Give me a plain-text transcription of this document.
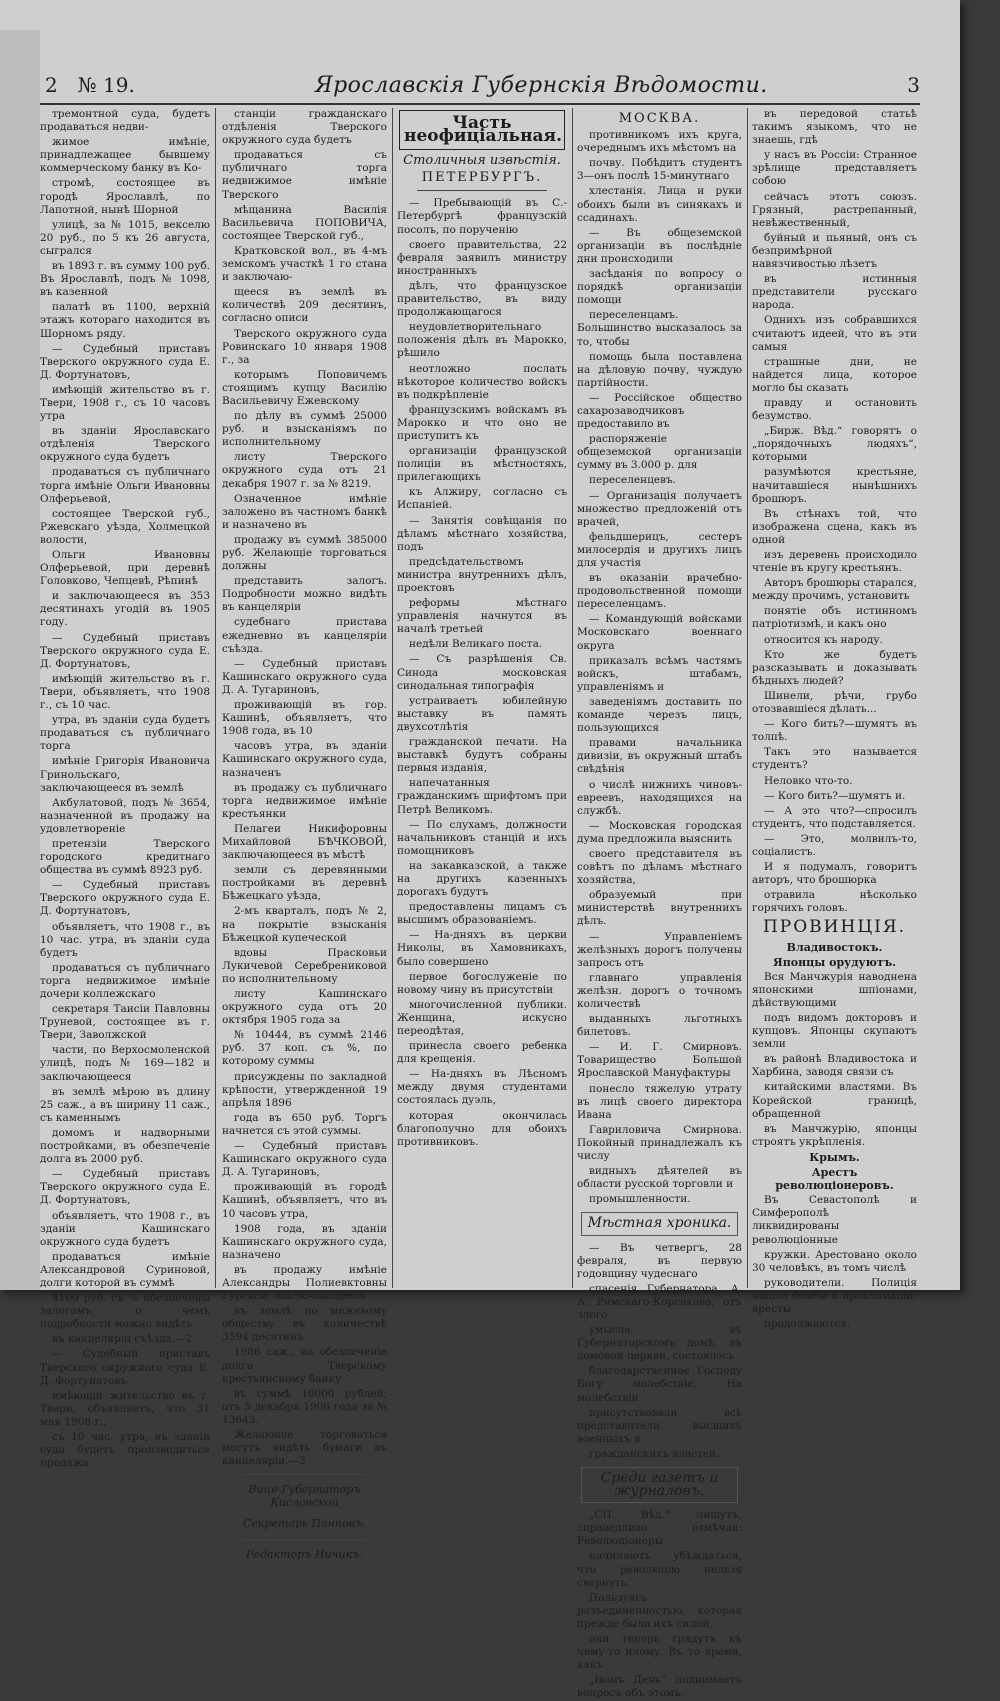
2 № 19.	Ярославскія Губернскія Вѣдомости.	3

тремонтной суда, будетъ продаваться недви-

жимое имѣніе, принадлежащее бывшему коммерческому банку въ Ко-

стромѣ, состоящее въ городѣ Ярославлѣ, по Лапотной, нынѣ Шорной

улицѣ, за № 1015, векселю 20 руб., по 5 къ 26 августа, сыгрался

въ 1893 г. въ сумму 100 руб. Въ Ярославлѣ, подъ № 1098, въ казенной

палатѣ въ 1100, верхній этажъ котораго находится въ Шорномъ ряду.

— Судебный приставъ Тверского окружного суда Е. Д. Фортунатовъ,

имѣющій жительство въ г. Твери, 1908 г., съ 10 часовъ утра

въ зданіи Ярославскаго отдѣленія Тверского окружного суда будетъ

продаваться съ публичнаго торга имѣніе Ольги Ивановны Олферьевой,

состоящее Тверской губ., Ржевскаго уѣзда, Холмецкой волости,

Ольги Ивановны Олферьевой, при деревнѣ Головково, Чепцевѣ, Рѣпинѣ

и заключающееся въ 353 десятинахъ угодій въ 1905 году.

— Судебный приставъ Тверского окружного суда Е. Д. Фортунатовъ,

имѣющій жительство въ г. Твери, объявляетъ, что 1908 г., съ 10 час.

утра, въ зданіи суда будетъ продаваться съ публичнаго торга

имѣніе Григорія Ивановича Гринольскаго, заключающееся въ землѣ

Акбулатовой, подъ № 3654, назначенной въ продажу на удовлетвореніе

претензіи Тверского городского кредитнаго общества въ суммѣ 8923 руб.

— Судебный приставъ Тверского окружного суда Е. Д. Фортунатовъ,

объявляетъ, что 1908 г., въ 10 час. утра, въ зданіи суда будетъ

продаваться съ публичнаго торга недвижимое имѣніе дочери коллежскаго

секретаря Таисіи Павловны Труневой, состоящее въ г. Твери, Заволжской

части, по Верхосмоленской улицѣ, подъ № 169—182 и заключающееся

въ землѣ мѣрою въ длину 25 саж., а въ ширину 11 саж., съ каменнымъ

домомъ и надворными постройками, въ обезпеченіе долга въ 2000 руб.

— Судебный приставъ Тверского окружного суда Е. Д. Фортунатовъ,

объявляетъ, что 1908 г., въ зданіи Кашинскаго окружного суда будетъ

продаваться имѣніе Александровой Суриновой, долги которой въ суммѣ

4100 руб. съ % обезпечены залогомъ, о чемъ подробности можно видѣть

въ канцеляріи съѣзда.—2

— Судебный приставъ Тверского окружного суда Е. Д. Фортунатовъ,

имѣющій жительство въ г. Твери, объявляетъ, что 31 мая 1908 г.,

съ 10 час. утра, въ зданіи суда будетъ производиться продажа.

станціи гражданскаго отдѣленія Тверского окружного суда будетъ

продаваться съ публичнаго торга недвижимое имѣніе Тверского

мѣщанина Василія Васильевича ПОПОВИЧА, состоящее Тверской губ.,

Кратковской вол., въ 4-мъ земскомъ участкѣ 1 го стана и заключаю-

щееся въ землѣ въ количествѣ 209 десятинъ, согласно описи

Тверского окружного суда Ровинскаго 10 января 1908 г., за

которымъ Поповичемъ стоящимъ купцу Василію Васильевичу Ежевскому

по дѣлу въ суммѣ 25000 руб. и взысканіямъ по исполнительному

листу Тверского окружного суда отъ 21 декабря 1907 г. за № 8219.

Означенное имѣніе заложено въ частномъ банкѣ и назначено въ

продажу въ суммѣ 385000 руб. Желающіе торговаться должны

представить залогъ. Подробности можно видѣть въ канцеляріи

судебнаго пристава ежедневно въ канцеляріи съѣзда.

— Судебный приставъ Кашинскаго окружного суда Д. А. Тугариновъ,

проживающій въ гор. Кашинѣ, объявляетъ, что 1908 года, въ 10

часовъ утра, въ зданіи Кашинскаго окружного суда, назначенъ

въ продажу съ публичнаго торга недвижимое имѣніе крестьянки

Пелагеи Никифоровны Михайловой БѢЧКОВОЙ, заключающееся въ мѣстѣ

земли съ деревянными постройками въ деревнѣ Бѣжецкаго уѣзда,

2-мъ кварталъ, подъ № 2, на покрытіе взысканія Бѣжецкой купеческой

вдовы Прасковьи Лукичевой Серебрениковой по исполнительному

листу Кашинскаго окружного суда отъ 20 октября 1905 года за

№ 10444, въ суммѣ 2146 руб. 37 коп. съ %, по которому суммы

присуждены по закладной крѣпости, утвержденной 19 апрѣля 1896

года въ 650 руб. Торгъ начнется съ этой суммы.

— Судебный приставъ Кашинскаго окружного суда Д. А. Тугариновъ,

проживающій въ городѣ Кашинѣ, объявляетъ, что въ 10 часовъ утра,

1908 года, въ зданіи Кашинскаго окружного суда, назначено

въ продажу имѣніе Александры Полиевктовны Гурской, заключающееся

въ землѣ по межевому обществу въ количествѣ 3594 десятинъ

1986 саж., на обезпеченіе долга Тверскому крестьянскому банку

въ суммѣ 10000 рублей, отъ 5 декабря 1906 года за № 13643.

Желающіе торговаться могутъ видѣть бумаги въ канцеляріи.—3

Вице-Губернаторъ Кисловской
Секретарь Панновъ.
Редакторъ Ничикъ.
Часть неофиціальная.
Столичныя извѣстія.
ПЕТЕРБУРГЪ.

— Пребывающій въ С.-Петербургѣ французскій посолъ, по порученію

своего правительства, 22 февраля заявилъ министру иностранныхъ

дѣлъ, что французское правительство, въ виду продолжающагося

неудовлетворительнаго положенія дѣлъ въ Марокко, рѣшило

неотложно послать нѣкоторое количество войскъ въ подкрѣпленіе

французскимъ войскамъ въ Марокко и что оно не приступитъ къ

организаціи французской полиціи въ мѣстностяхъ, прилегающихъ

къ Алжиру, согласно съ Испаніей.

— Занятія совѣщанія по дѣламъ мѣстнаго хозяйства, подъ

предсѣдательствомъ министра внутреннихъ дѣлъ, проектовъ

реформы мѣстнаго управленія начнутся въ началѣ третьей

недѣли Великаго поста.

— Съ разрѣшенія Св. Синода московская синодальная типографія

устраиваетъ юбилейную выставку въ память двухсотлѣтія

гражданской печати. На выставкѣ будутъ собраны первыя изданія,

напечатанныя гражданскимъ шрифтомъ при Петрѣ Великомъ.

— По слухамъ, должности начальниковъ станцій и ихъ помощниковъ

на закавказской, а также на другихъ казенныхъ дорогахъ будутъ

предоставлены лицамъ съ высшимъ образованіемъ.

— На-дняхъ въ церкви Николы, въ Хамовникахъ, было совершено

первое богослуженіе по новому чину въ присутствіи

многочисленной публики. Женщина, искусно переодѣтая,

принесла своего ребенка для крещенія.

— На-дняхъ въ Лѣсномъ между двумя студентами состоялась дуэль,

которая окончилась благополучно для обоихъ противниковъ.

МОСКВА.

противникомъ ихъ круга, очереднымъ ихъ мѣстомъ на

почву. Побѣдитъ студентъ 3—онъ послѣ 15-минутнаго

хлестанія. Лица и руки обоихъ были въ синякахъ и ссадинахъ.

— Въ общеземской организаціи въ послѣдніе дни происходили

засѣданія по вопросу о порядкѣ организаціи помощи

переселенцамъ. Большинство высказалось за то, чтобы

помощь была поставлена на дѣловую почву, чуждую партійности.

— Россійское общество сахарозаводчиковъ предоставило въ

распоряженіе общеземской организаціи сумму въ 3.000 р. для

переселенцевъ.

— Организація получаетъ множество предложеній отъ врачей,

фельдшерицъ, сестеръ милосердія и другихъ лицъ для участія

въ оказаніи врачебно-продовольственной помощи переселенцамъ.

— Командующій войсками Московскаго военнаго округа

приказалъ всѣмъ частямъ войскъ, штабамъ, управленіямъ и

заведеніямъ доставить по команде черезъ лицъ, пользующихся

правами начальника дивизіи, въ окружный штабъ свѣдѣнія

о числѣ нижнихъ чиновъ-евреевъ, находящихся на службѣ.

— Московская городская дума предложила выяснить

своего представителя въ совѣтъ по дѣламъ мѣстнаго хозяйства,

образуемый при министерствѣ внутреннихъ дѣлъ.

— Управленіемъ желѣзныхъ дорогъ получены запросъ отъ

главнаго управленія желѣзн. дорогъ о точномъ количествѣ

выданныхъ льготныхъ билетовъ.

— И. Г. Смирновъ. Товарищество Большой Ярославской Мануфактуры

понесло тяжелую утрату въ лицѣ своего директора Ивана

Гавриловича Смирнова. Покойный принадлежалъ къ числу

видныхъ дѣятелей въ области русской торговли и

промышленности.

Мѣстная хроника.

— Въ четвергъ, 28 февраля, въ первую годовщину чудеснаго

спасенія Губернатора, А. А. Римскаго-Корсакова, отъ злого

умысла, въ Губернаторскомъ домѣ, въ домовой церкви, состоялось

благодарственное Господу Богу молебствіе. На молебствіи

присутствовали всѣ представители высшихъ военныхъ и

гражданскихъ властей.

Среди газетъ и журналовъ.

„СП. Вѣд.“ пишутъ, справедливо отмѣчая: Революціонеры

начинаютъ убѣждаться, что революцію нельзя свернуть.

Пользуясь разъединенностью, которая прежде была ихъ силой,

они теперь грядутъ къ чему-то иному. Въ то время, какъ

„Іванъ День“ поднимаетъ вопросъ объ этомъ.

въ передовой статьѣ такимъ языкомъ, что не знаешь, гдѣ

у насъ въ Россіи: Странное зрѣлище представляетъ собою

сейчасъ этотъ союзъ. Грязный, растрепанный, невѣжественный,

буйный и пьяный, онъ съ безпримѣрной навязчивостью лѣзетъ

въ истинныя представители русскаго народа.

Однихъ изъ собравшихся считаютъ идеей, что въ эти самыя

страшные дни, не найдется лица, которое могло бы сказать

правду и остановить безумство.

„Бирж. Вѣд.“ говорятъ о „порядочныхъ людяхъ“, которыми

разумѣются крестьяне, начитавшіеся нынѣшнихъ брошюръ.

Въ стѣнахъ той, что изображена сцена, какъ въ одной

изъ деревень происходило чтеніе въ кругу крестьянъ.

Авторъ брошюры старался, между прочимъ, установить

понятіе объ истинномъ патріотизмѣ, и какъ оно

относится къ народу.

Кто же будетъ разсказывать и доказывать бѣдныхъ людей?

Шинели, рѣчи, грубо отозвавшіеся дѣлать...

— Кого бить?—шумятъ въ толпѣ.

Такъ это называется студентъ?

Неловко что-то.

— Кого бить?—шумятъ и.

— А это что?—спросилъ студентъ, что подставляется.

— Это, молвилъ-то, соціалистъ.

И я подумалъ, говоритъ авторъ, что брошюрка

отравила нѣсколько горячихъ головъ.

ПРОВИНЦІЯ.
Владивостокъ.
Японцы орудуютъ.

Вся Манчжурія наводнена японскими шпіонами, дѣйствующими

подъ видомъ докторовъ и купцовъ. Японцы скупаютъ земли

въ районѣ Владивостока и Харбина, заводя связи съ

китайскими властями. Въ Корейской границѣ, обращенной

въ Манчжурію, японцы строятъ укрѣпленія.

Крымъ.
Арестъ революціонеровъ.

Въ Севастополѣ и Симферополѣ ликвидированы революціонные

кружки. Арестовано около 30 человѣкъ, въ томъ числѣ

руководители. Полиція нашла бомбы и прокламаціи; аресты

продолжаются.
